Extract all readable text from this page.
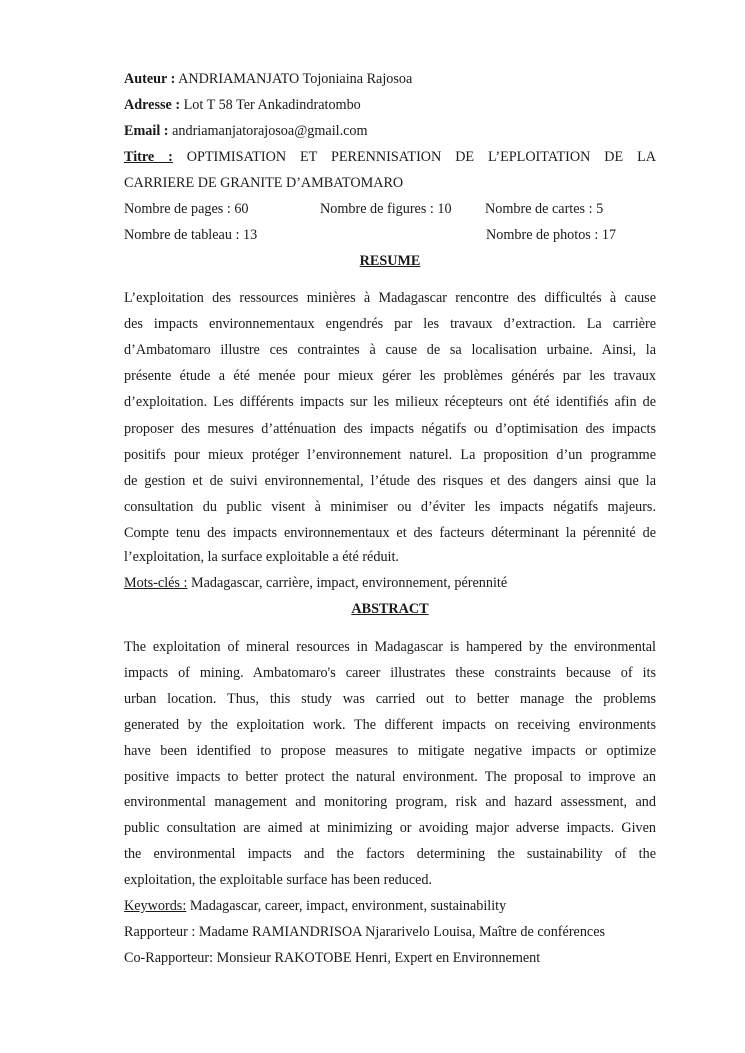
Auteur : ANDRIAMANJATO Tojoniaina Rajosoa
Adresse : Lot T 58 Ter Ankadindratombo
Email : andriamanjatorajosoa@gmail.com
Titre : OPTIMISATION ET PERENNISATION DE L’EPLOITATION DE LA
CARRIERE DE GRANITE D’AMBATOMARO
Nombre de pages : 60	Nombre de figures : 10 Nombre de cartes : 5
Nombre de tableau : 13	Nombre de photos : 17
RESUME
L’exploitation des ressources minières à Madagascar rencontre des difficultés à cause
des impacts environnementaux engendrés par les travaux d’extraction. La carrière
d’Ambatomaro illustre ces contraintes à cause de sa localisation urbaine. Ainsi, la
présente étude a été menée pour mieux gérer les problèmes générés par les travaux
d’exploitation. Les différents impacts sur les milieux récepteurs ont été identifiés afin de
proposer des mesures d’atténuation des impacts négatifs ou d’optimisation des impacts
positifs pour mieux protéger l’environnement naturel. La proposition d’un programme
de gestion et de suivi environnemental, l’étude des risques et des dangers ainsi que la
consultation du public visent à minimiser ou d’éviter les impacts négatifs majeurs.
Compte tenu des impacts environnementaux et des facteurs déterminant la pérennité de
l’exploitation, la surface exploitable a été réduit.
Mots-clés : Madagascar, carrière, impact, environnement, pérennité
ABSTRACT
The exploitation of mineral resources in Madagascar is hampered by the environmental
impacts of mining. Ambatomaro's career illustrates these constraints because of its
urban location. Thus, this study was carried out to better manage the problems
generated by the exploitation work. The different impacts on receiving environments
have been identified to propose measures to mitigate negative impacts or optimize
positive impacts to better protect the natural environment. The proposal to improve an
environmental management and monitoring program, risk and hazard assessment, and
public consultation are aimed at minimizing or avoiding major adverse impacts. Given
the environmental impacts and the factors determining the sustainability of the
exploitation, the exploitable surface has been reduced.
Keywords: Madagascar, career, impact, environment, sustainability
Rapporteur : Madame RAMIANDRISOA Njararivelo Louisa, Maître de conférences
Co-Rapporteur: Monsieur RAKOTOBE Henri, Expert en Environnement
